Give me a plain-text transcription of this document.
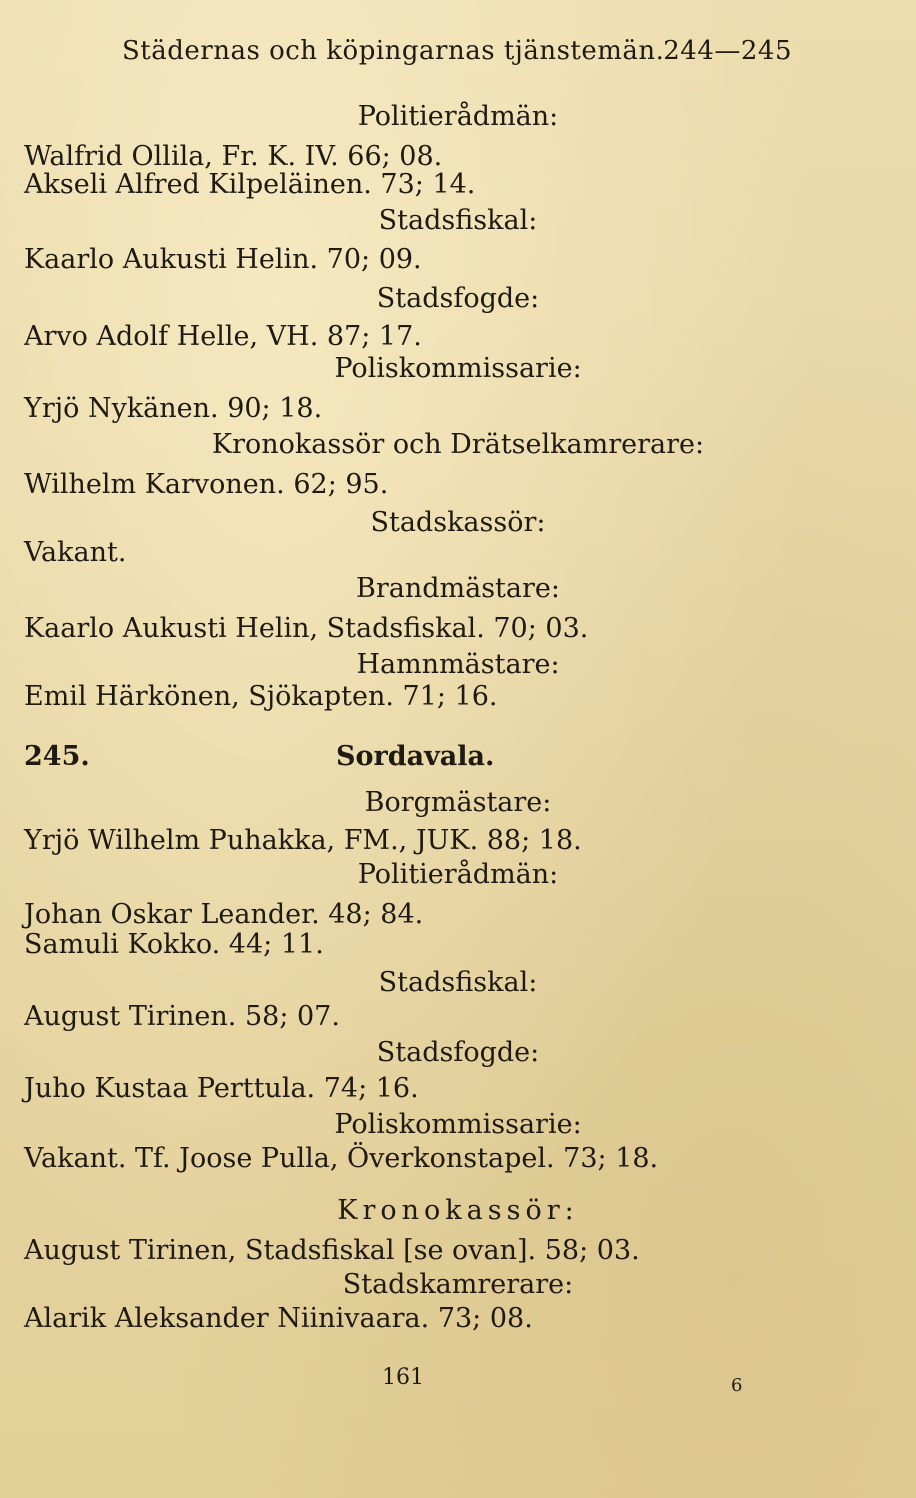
Städernas och köpingarnas tjänstemän.
244—245
Politierådmän:
Walfrid Ollila, Fr. K. IV. 66; 08.
Akseli Alfred Kilpeläinen. 73; 14.
Stadsfiskal:
Kaarlo Aukusti Helin. 70; 09.
Stadsfogde:
Arvo Adolf Helle, VH. 87; 17.
Poliskommissarie:
Yrjö Nykänen. 90; 18.
Kronokassör och Drätselkamrerare:
Wilhelm Karvonen. 62; 95.
Stadskassör:
Vakant.
Brandmästare:
Kaarlo Aukusti Helin, Stadsfiskal. 70; 03.
Hamnmästare:
Emil Härkönen, Sjökapten. 71; 16.
245.	Sordavala.
Borgmästare:
Yrjö Wilhelm Puhakka, FM., JUK. 88; 18.
Politierådmän:
Johan Oskar Leander. 48; 84.
Samuli Kokko. 44; 11.
Stadsfiskal:
August Tirinen. 58; 07.
Stadsfogde:
Juho Kustaa Perttula. 74; 16.
Poliskommissarie:
Vakant. Tf. Joose Pulla, Överkonstapel. 73; 18.
Kronokassör:
August Tirinen, Stadsfiskal [se ovan]. 58; 03.
Stadskamrerare:
Alarik Aleksander Niinivaara. 73; 08.
161	6
